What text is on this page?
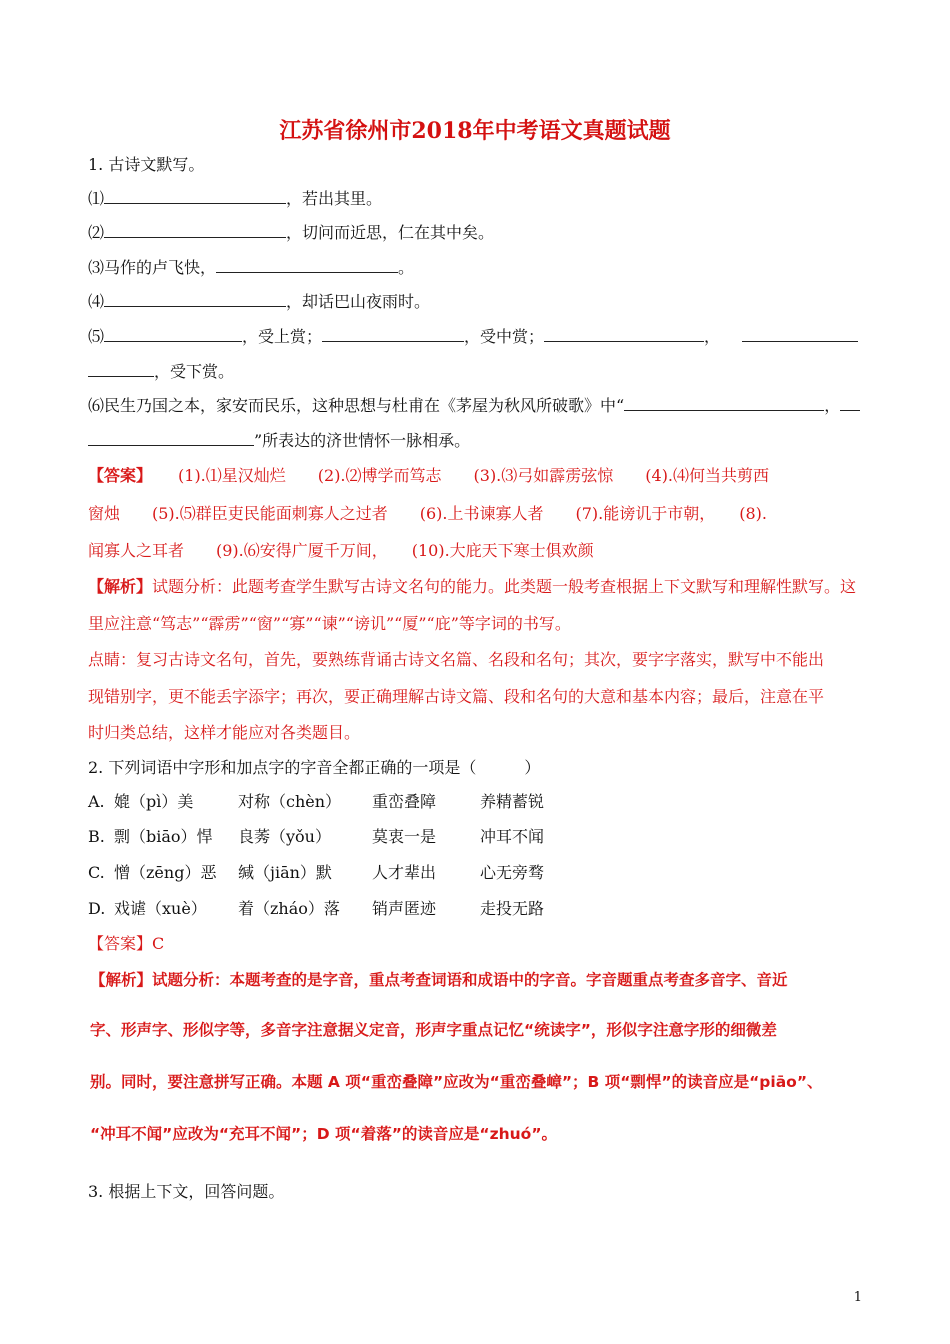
江苏省徐州市2018年中考语文真题试题
1. 古诗文默写。
⑴	，若出其里。
⑵	，切问而近思，仁在其中矣。
⑶马作的卢飞快，	。
⑷	，却话巴山夜雨时。
⑸	，受上赏；	，受中赏；	，
，受下赏。
⑹民生乃国之本，家安而民乐，这种思想与杜甫在《茅屋为秋风所破歌》中“	，
”所表达的济世情怀一脉相承。
【答案】 (1).⑴星汉灿烂　　(2).⑵博学而笃志　　(3).⑶弓如霹雳弦惊　　(4).⑷何当共剪西
窗烛　　(5).⑸群臣吏民能面刺寡人之过者　　(6).上书谏寡人者　　(7).能谤讥于市朝，　　(8).
闻寡人之耳者　　(9).⑹安得广厦千万间，　　(10).大庇天下寒士俱欢颜
【解析】试题分析：此题考查学生默写古诗文名句的能力。此类题一般考查根据上下文默写和理解性默写。这
里应注意“笃志”“霹雳”“窗”“寡”“谏”“谤讥”“厦”“庇”等字词的书写。
点睛：复习古诗文名句，首先，要熟练背诵古诗文名篇、名段和名句；其次，要字字落实，默写中不能出
现错别字，更不能丢字添字；再次，要正确理解古诗文篇、段和名句的大意和基本内容；最后，注意在平
时归类总结，这样才能应对各类题目。
2. 下列词语中字形和加点字的字音全都正确的一项是（　　　）
A. 媲（pì）美	对称（chèn） 重峦叠障	养精蓄锐
B. 剽（biāo）悍 良莠（yǒu）	莫衷一是	冲耳不闻
C. 憎（zēng）恶 缄（jiān）默	人才辈出	心无旁骛
D. 戏谑（xuè） 着（zháo）落 销声匿迹	走投无路
【答案】C
【解析】试题分析：本题考查的是字音，重点考查词语和成语中的字音。字音题重点考查多音字、音近
字、形声字、形似字等，多音字注意据义定音，形声字重点记忆“统读字”，形似字注意字形的细微差
别。同时，要注意拼写正确。本题 A 项“重峦叠障”应改为“重峦叠嶂”；B 项“剽悍”的读音应是“piāo”、
“冲耳不闻”应改为“充耳不闻”；D 项“着落”的读音应是“zhuó”。
3. 根据上下文，回答问题。
1
